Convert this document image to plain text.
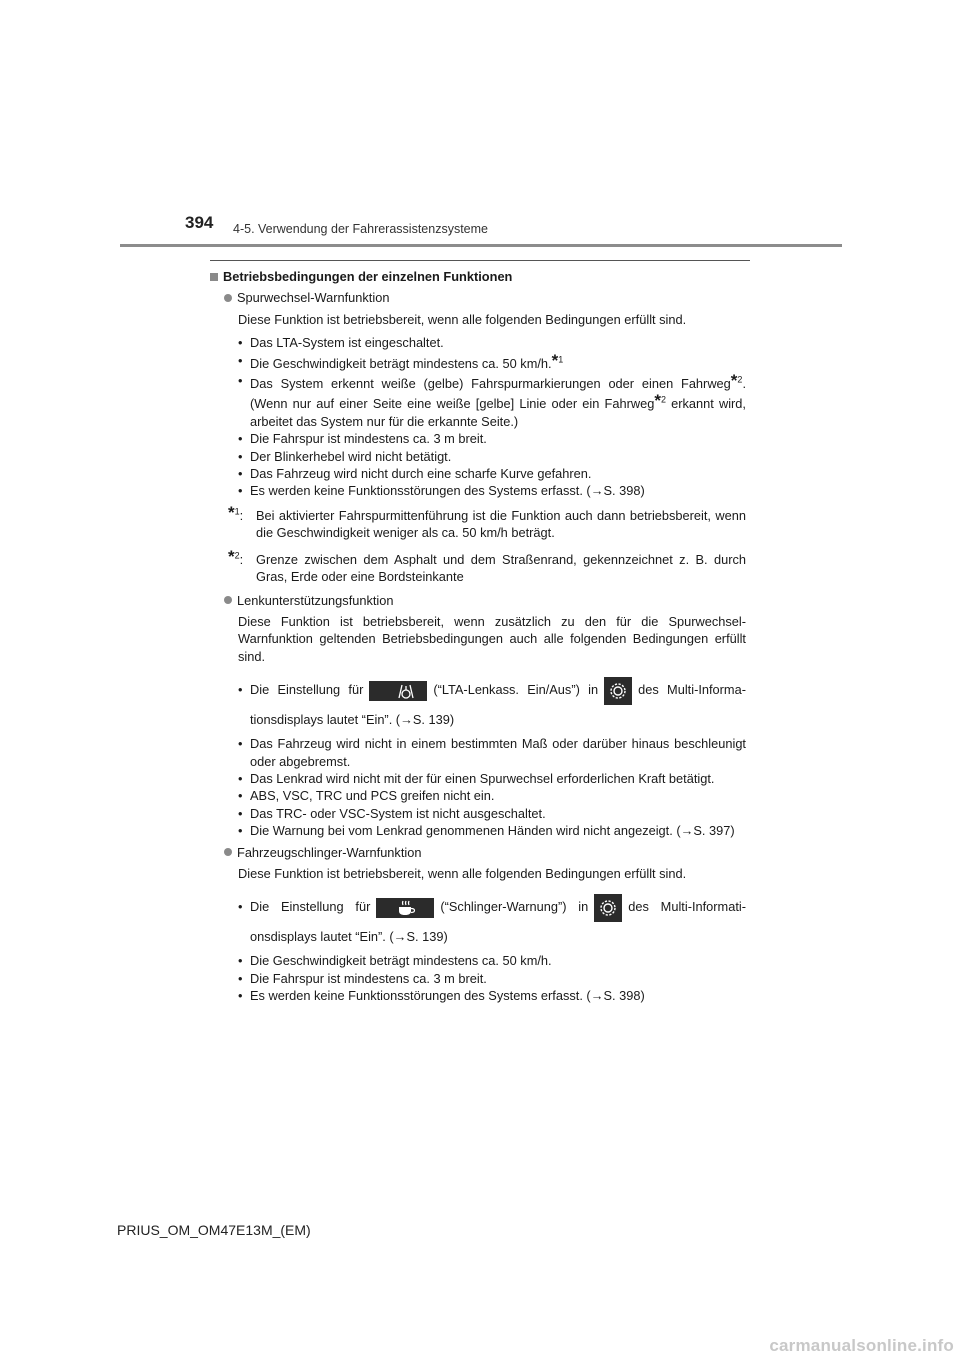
394 4-5. Verwendung der Fahrerassistenzsysteme
Betriebsbedingungen der einzelnen Funktionen
Spurwechsel-Warnfunktion

Diese Funktion ist betriebsbereit, wenn alle folgenden Bedingungen erfüllt sind.

• Das LTA-System ist eingeschaltet.
• Die Geschwindigkeit beträgt mindestens ca. 50 km/h.*$^1$
• Das System erkennt weiße (gelbe) Fahrspurmarkierungen oder einen Fahrweg*$^2$. (Wenn nur auf einer Seite eine weiße [gelbe] Linie oder ein Fahrweg*$^2$ erkannt wird, arbeitet das System nur für die erkannte Seite.)
• Die Fahrspur ist mindestens ca. 3 m breit.
• Der Blinkerhebel wird nicht betätigt.
• Das Fahrzeug wird nicht durch eine scharfe Kurve gefahren.
• Es werden keine Funktionsstörungen des Systems erfasst. (→S. 398)

*$^1$: Bei aktivierter Fahrspurmittenführung ist die Funktion auch dann betriebsbereit, wenn die Geschwindigkeit weniger als ca. 50 km/h beträgt.

*$^2$: Grenze zwischen dem Asphalt und dem Straßenrand, gekennzeichnet z. B. durch Gras, Erde oder eine Bordsteinkante

Lenkunterstützungsfunktion

Diese Funktion ist betriebsbereit, wenn zusätzlich zu den für die Spurwechsel-Warnfunktion geltenden Betriebsbedingungen auch alle folgenden Bedingungen erfüllt sind.

• Die Einstellung für	(“LTA-Lenkass. Ein/Aus”) in	des Multi-Informa-tionsdisplays lautet “Ein”. (→S. 139)
• Das Fahrzeug wird nicht in einem bestimmten Maß oder darüber hinaus beschleunigt oder abgebremst.
• Das Lenkrad wird nicht mit der für einen Spurwechsel erforderlichen Kraft betätigt.
• ABS, VSC, TRC und PCS greifen nicht ein.
• Das TRC- oder VSC-System ist nicht ausgeschaltet.
• Die Warnung bei vom Lenkrad genommenen Händen wird nicht angezeigt. (→S. 397)
Fahrzeugschlinger-Warnfunktion

Diese Funktion ist betriebsbereit, wenn alle folgenden Bedingungen erfüllt sind.

• Die Einstellung für	(“Schlinger-Warnung”) in	des Multi-Informati-onsdisplays lautet “Ein”. (→S. 139)
• Die Geschwindigkeit beträgt mindestens ca. 50 km/h.
• Die Fahrspur ist mindestens ca. 3 m breit.
• Es werden keine Funktionsstörungen des Systems erfasst. (→S. 398)
PRIUS_OM_OM47E13M_(EM)
carmanualsonline.info
